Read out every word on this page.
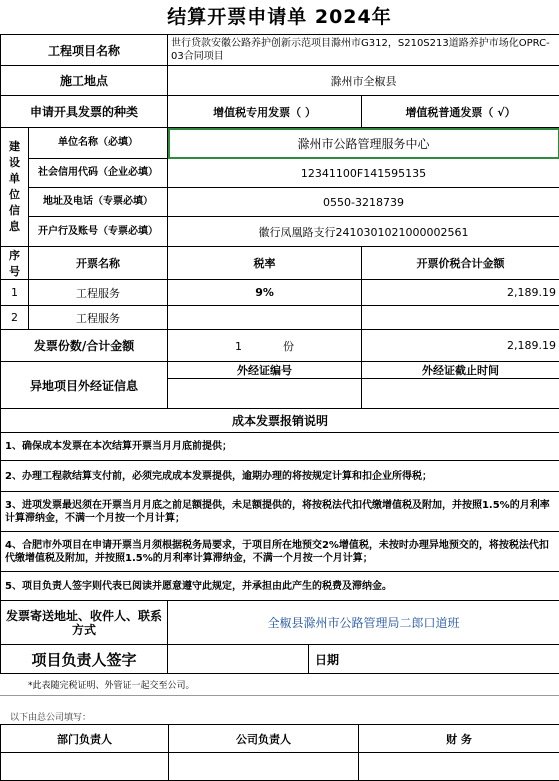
结算开票申请单 2024年
工程项目名称		世行贷款安徽公路养护创新示范项目滁州市G312，S210S213道路养护市场化OPRC-03合同项目		
施工地点		滁州市全椒县		
申请开具发票的种类		增值税专用发票（ ）		增值税普通发票（ √）
建设单位信息	单位名称（必填）	滁州市公路管理服务中心		
	社会信用代码（企业必填）	12341100F141595135		
	地址及电话（专票必填）	0550-3218739		
	开户行及账号（专票必填）	徽行凤凰路支行2410301021000002561		
序号	开票名称	税率		开票价税合计金额
1	工程服务	9%		2,189.19
2	工程服务			
发票份数/合计金额		1 份		2,189.19
异地项目外经证信息		外经证编号		外经证截止时间

成本发票报销说明				
1、确保成本发票在本次结算开票当月月底前提供；				
2、办理工程款结算支付前，必须完成成本发票提供，逾期办理的将按规定计算和扣企业所得税；				
3、进项发票最迟须在开票当月月底之前足额提供，未足额提供的，将按税法代扣代缴增值税及附加，并按照1.5%的月利率计算滞纳金，不满一个月按一个月计算；				
4、合肥市外项目在申请开票当月须根据税务局要求，于项目所在地预交2%增值税，未按时办理异地预交的，将按税法代扣代缴增值税及附加，并按照1.5%的月利率计算滞纳金，不满一个月按一个月计算；				
5、项目负责人签字则代表已阅读并愿意遵守此规定，并承担由此产生的税费及滞纳金。				
发票寄送地址、收件人、联系方式		全椒县滁州市公路管理局二郎口道班		
项目负责人签字			日期	
*此表随完税证明、外管证一起交至公司。
以下由总公司填写：
部门负责人	公司负责人	财 务
